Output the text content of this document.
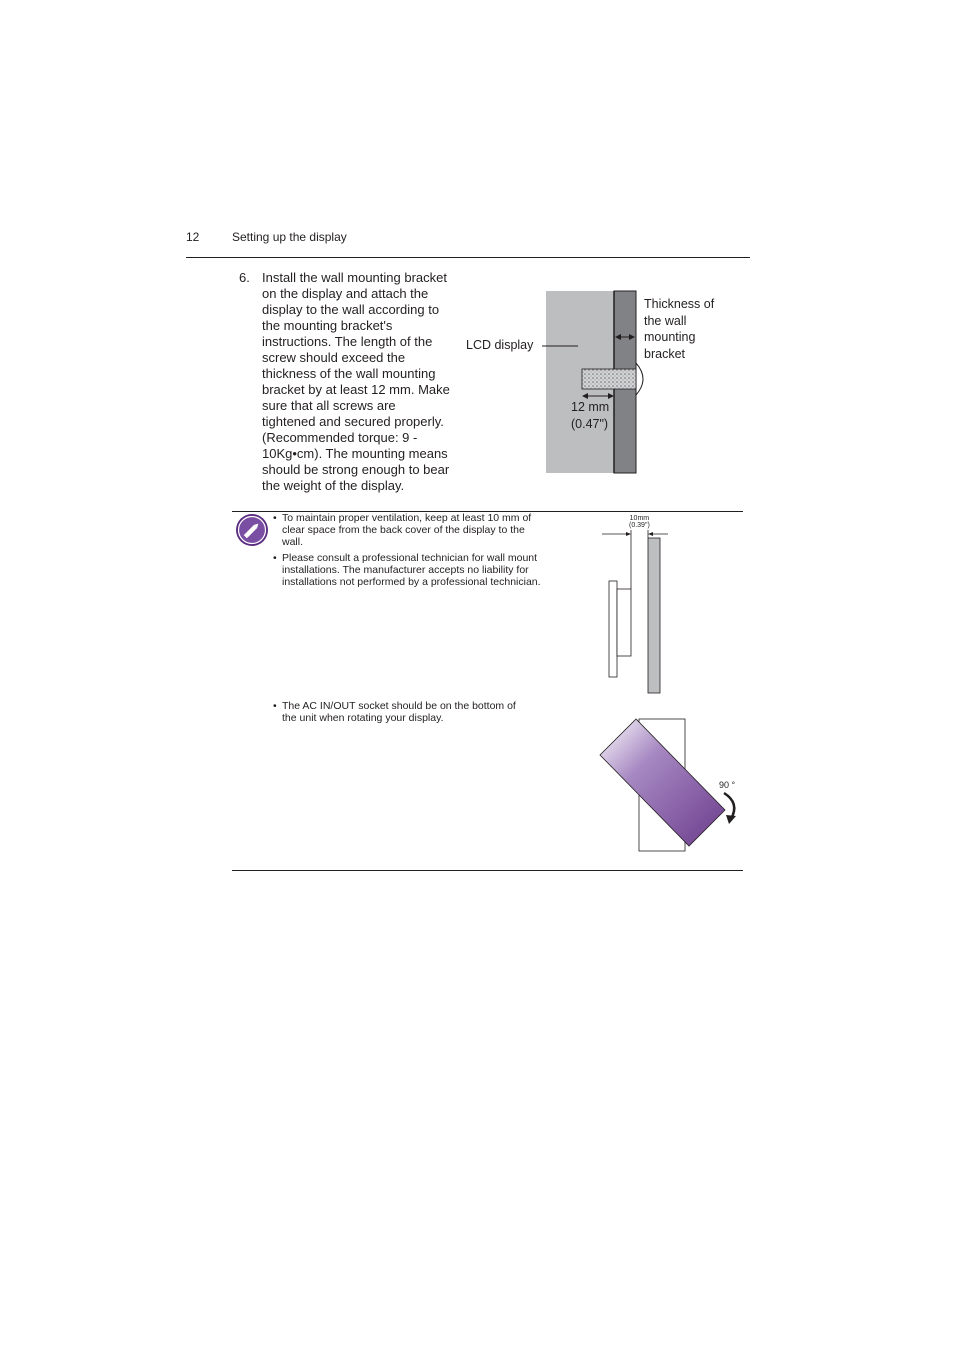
12	Setting up the display
6. Install the wall mounting bracket
on the display and attach the
display to the wall according to
the mounting bracket's
instructions. The length of the
screw should exceed the
thickness of the wall mounting
bracket by at least 12 mm. Make
sure that all screws are
tightened and secured properly.
(Recommended torque: 9 -
10Kg•cm). The mounting means
should be strong enough to bear
the weight of the display.
LCD display
Thickness of
the wall
mounting
bracket
12 mm
(0.47")
• To maintain proper ventilation, keep at least 10 mm of
clear space from the back cover of the display to the
wall.
• Please consult a professional technician for wall mount
installations. The manufacturer accepts no liability for
installations not performed by a professional technician.
• The AC IN/OUT socket should be on the bottom of
the unit when rotating your display.
10mm
(0.39")
90 °
